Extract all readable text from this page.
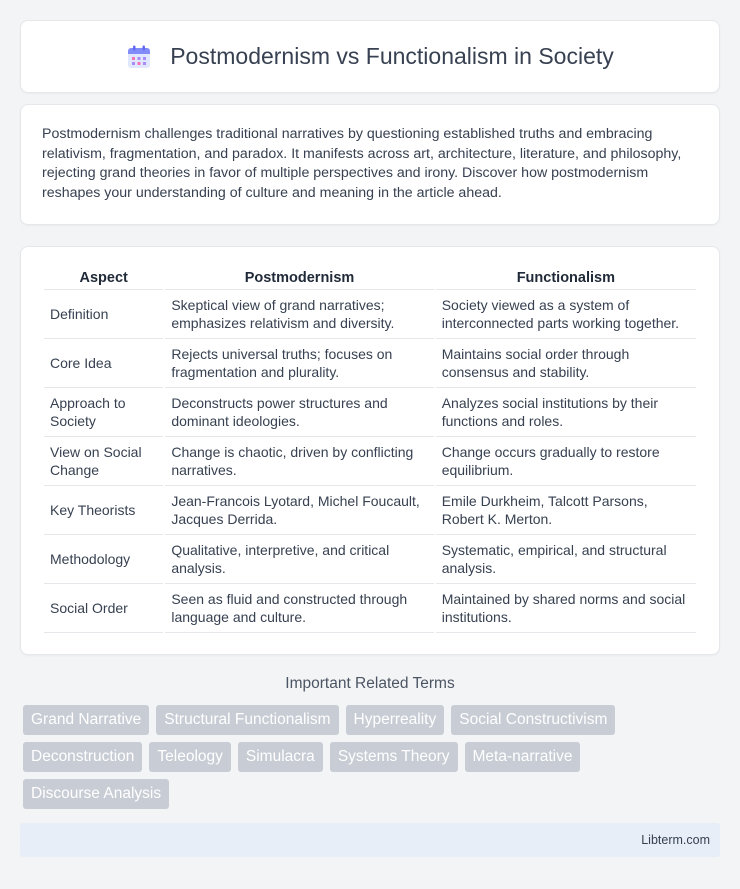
Postmodernism vs Functionalism in Society

Postmodernism challenges traditional narratives by questioning established truths and embracing relativism, fragmentation, and paradox. It manifests across art, architecture, literature, and philosophy, rejecting grand theories in favor of multiple perspectives and irony. Discover how postmodernism reshapes your understanding of culture and meaning in the article ahead.

Aspect	Postmodernism	Functionalism
Definition	Skeptical view of grand narratives; emphasizes relativism and diversity.	Society viewed as a system of interconnected parts working together.
Core Idea	Rejects universal truths; focuses on fragmentation and plurality.	Maintains social order through consensus and stability.
Approach to Society	Deconstructs power structures and dominant ideologies.	Analyzes social institutions by their functions and roles.
View on Social Change	Change is chaotic, driven by conflicting narratives.	Change occurs gradually to restore equilibrium.
Key Theorists	Jean-Francois Lyotard, Michel Foucault, Jacques Derrida.	Emile Durkheim, Talcott Parsons, Robert K. Merton.
Methodology	Qualitative, interpretive, and critical analysis.	Systematic, empirical, and structural analysis.
Social Order	Seen as fluid and constructed through language and culture.	Maintained by shared norms and social institutions.
Important Related Terms
Grand Narrative	Structural Functionalism	Hyperreality	Social Constructivism
Deconstruction	Teleology	Simulacra	Systems Theory	Meta-narrative
Discourse Analysis
Libterm.com
